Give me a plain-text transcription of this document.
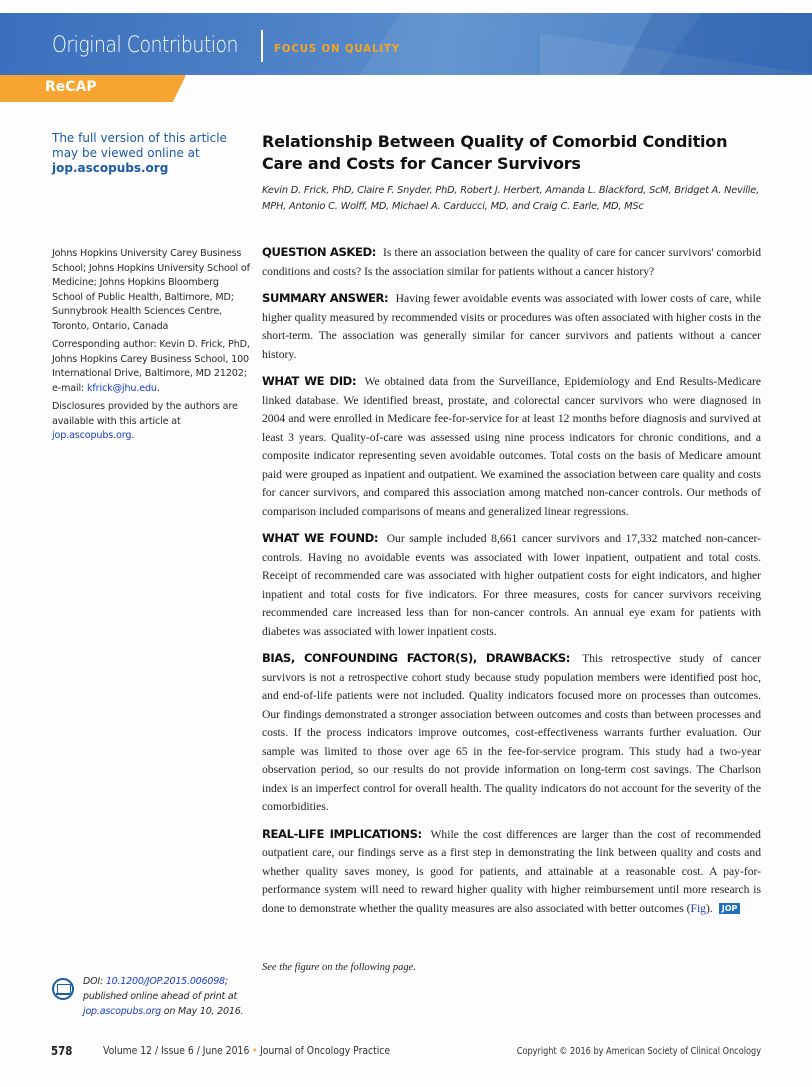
Original Contribution	FOCUS ON QUALITY
ReCAP
The full version of this article may be viewed online at jop.ascopubs.org
Relationship Between Quality of Comorbid Condition Care and Costs for Cancer Survivors
Kevin D. Frick, PhD, Claire F. Snyder, PhD, Robert J. Herbert, Amanda L. Blackford, ScM, Bridget A. Neville, MPH, Antonio C. Wolff, MD, Michael A. Carducci, MD, and Craig C. Earle, MD, MSc

Johns Hopkins University Carey Business School; Johns Hopkins University School of Medicine; Johns Hopkins Bloomberg School of Public Health, Baltimore, MD; Sunnybrook Health Sciences Centre, Toronto, Ontario, Canada

Corresponding author: Kevin D. Frick, PhD, Johns Hopkins Carey Business School, 100 International Drive, Baltimore, MD 21202; e-mail: kfrick@jhu.edu.

Disclosures provided by the authors are available with this article at jop.ascopubs.org.

QUESTION ASKED: Is there an association between the quality of care for cancer survivors' comorbid conditions and costs? Is the association similar for patients without a cancer history?

SUMMARY ANSWER: Having fewer avoidable events was associated with lower costs of care, while higher quality measured by recommended visits or procedures was often associated with higher costs in the short-term. The association was generally similar for cancer survivors and patients without a cancer history.

WHAT WE DID: We obtained data from the Surveillance, Epidemiology and End Results-Medicare linked database. We identified breast, prostate, and colorectal cancer survivors who were diagnosed in 2004 and were enrolled in Medicare fee-for-service for at least 12 months before diagnosis and survived at least 3 years. Quality-of-care was assessed using nine process indicators for chronic conditions, and a composite indicator representing seven avoidable outcomes. Total costs on the basis of Medicare amount paid were grouped as inpatient and outpatient. We examined the association between care quality and costs for cancer survivors, and compared this association among matched non-cancer controls. Our methods of comparison included comparisons of means and generalized linear regressions.

WHAT WE FOUND: Our sample included 8,661 cancer survivors and 17,332 matched non-cancer-controls. Having no avoidable events was associated with lower inpatient, outpatient and total costs. Receipt of recommended care was associated with higher outpatient costs for eight indicators, and higher inpatient and total costs for five indicators. For three measures, costs for cancer survivors receiving recommended care increased less than for non-cancer controls. An annual eye exam for patients with diabetes was associated with lower inpatient costs.

BIAS, CONFOUNDING FACTOR(S), DRAWBACKS: This retrospective study of cancer survivors is not a retrospective cohort study because study population members were identified post hoc, and end-of-life patients were not included. Quality indicators focused more on processes than outcomes. Our findings demonstrated a stronger association between outcomes and costs than between processes and costs. If the process indicators improve outcomes, cost-effectiveness warrants further evaluation. Our sample was limited to those over age 65 in the fee-for-service program. This study had a two-year observation period, so our results do not provide information on long-term cost savings. The Charlson index is an imperfect control for overall health. The quality indicators do not account for the severity of the comorbidities.

REAL-LIFE IMPLICATIONS: While the cost differences are larger than the cost of recommended outpatient care, our findings serve as a first step in demonstrating the link between quality and costs and whether quality saves money, is good for patients, and attainable at a reasonable cost. A pay-for-performance system will need to reward higher quality with higher reimbursement until more research is done to demonstrate whether the quality measures are also associated with better outcomes (Fig). JOP

See the figure on the following page.
DOI: 10.1200/JOP.2015.006098; published online ahead of print at jop.ascopubs.org on May 10, 2016.
578	Volume 12 / Issue 6 / June 2016 • Journal of Oncology Practice	Copyright © 2016 by American Society of Clinical Oncology
